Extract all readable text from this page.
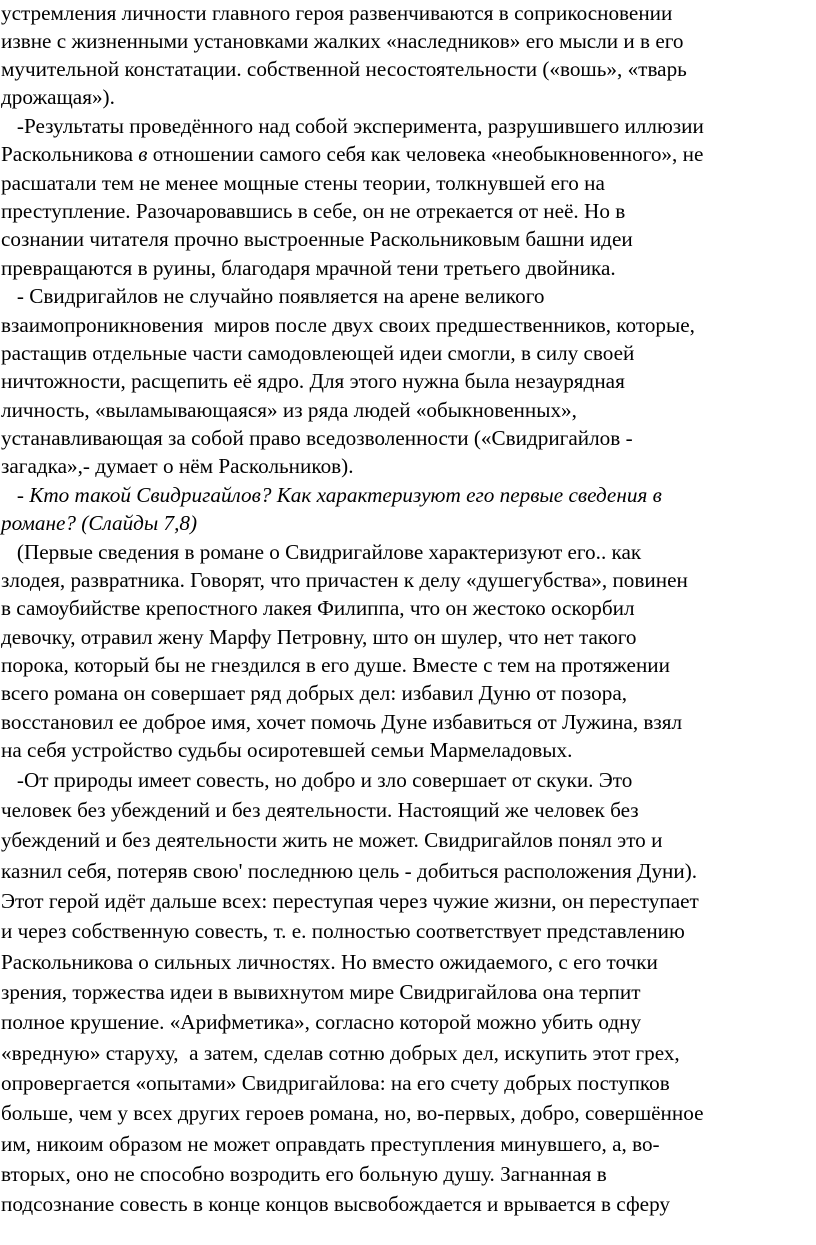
устремления личности главного героя развенчиваются в соприкосновении
извне с жизненными установками жалких «наследников» его мысли и в его
мучительной констатации. собственной несостоятельности («вошь», «тварь
дрожащая»).
-Результаты проведённого над собой эксперимента, разрушившего иллюзии
Раскольникова в отношении самого себя как человека «необыкновенного», не
расшатали тем не менее мощные стены теории, толкнувшей его на
преступление. Разочаровавшись в себе, он не отрекается от неё. Но в
сознании читателя прочно выстроенные Раскольниковым башни идеи
превращаются в руины, благодаря мрачной тени третьего двойника.
- Свидригайлов не случайно появляется на арене великого
взаимопроникновения  миров после двух своих предшественников, которые,
растащив отдельные части самодовлеющей идеи смогли, в силу своей
ничтожности, расщепить её ядро. Для этого нужна была незаурядная
личность, «выламывающаяся» из ряда людей «обыкновенных»,
устанавливающая за собой право вседозволенности («Свидригайлов -
загадка»,- думает о нём Раскольников).
- Кто такой Свидригайлов? Как характеризуют его первые сведения в
романе? (Слайды 7,8)
(Первые сведения в романе о Свидригайлове характеризуют его.. как
злодея, развратника. Говорят, что причастен к делу «душегубства», повинен
в самоубийстве крепостного лакея Филиппа, что он жестоко оскорбил
девочку, отравил жену Марфу Петровну, што он шулер, что нет такого
порока, который бы не гнездился в его душе. Вместе с тем на протяжении
всего романа он совершает ряд добрых дел: избавил Дуню от позора,
восстановил ее доброе имя, хочет помочь Дуне избавиться от Лужина, взял
на себя устройство судьбы осиротевшей семьи Мармеладовых.
-От природы имеет совесть, но добро и зло совершает от скуки. Это
человек без убеждений и без деятельности. Настоящий же человек без
убеждений и без деятельности жить не может. Свидригайлов понял это и
казнил себя, потеряв свою' последнюю цель - добиться расположения Дуни).
Этот герой идёт дальше всех: переступая через чужие жизни, он переступает
и через собственную совесть, т. е. полностью соответствует представлению
Раскольникова о сильных личностях. Но вместо ожидаемого, с его точки
зрения, торжества идеи в вывихнутом мире Свидригайлова она терпит
полное крушение. «Арифметика», согласно которой можно убить одну
«вредную» старуху,  а затем, сделав сотню добрых дел, искупить этот грех,
опровергается «опытами» Свидригайлова: на его счету добрых поступков
больше, чем у всех других героев романа, но, во-первых, добро, совершённое
им, никоим образом не может оправдать преступления минувшего, а, во-
вторых, оно не способно возродить его больную душу. Загнанная в
подсознание совесть в конце концов высвобождается и врывается в сферу
